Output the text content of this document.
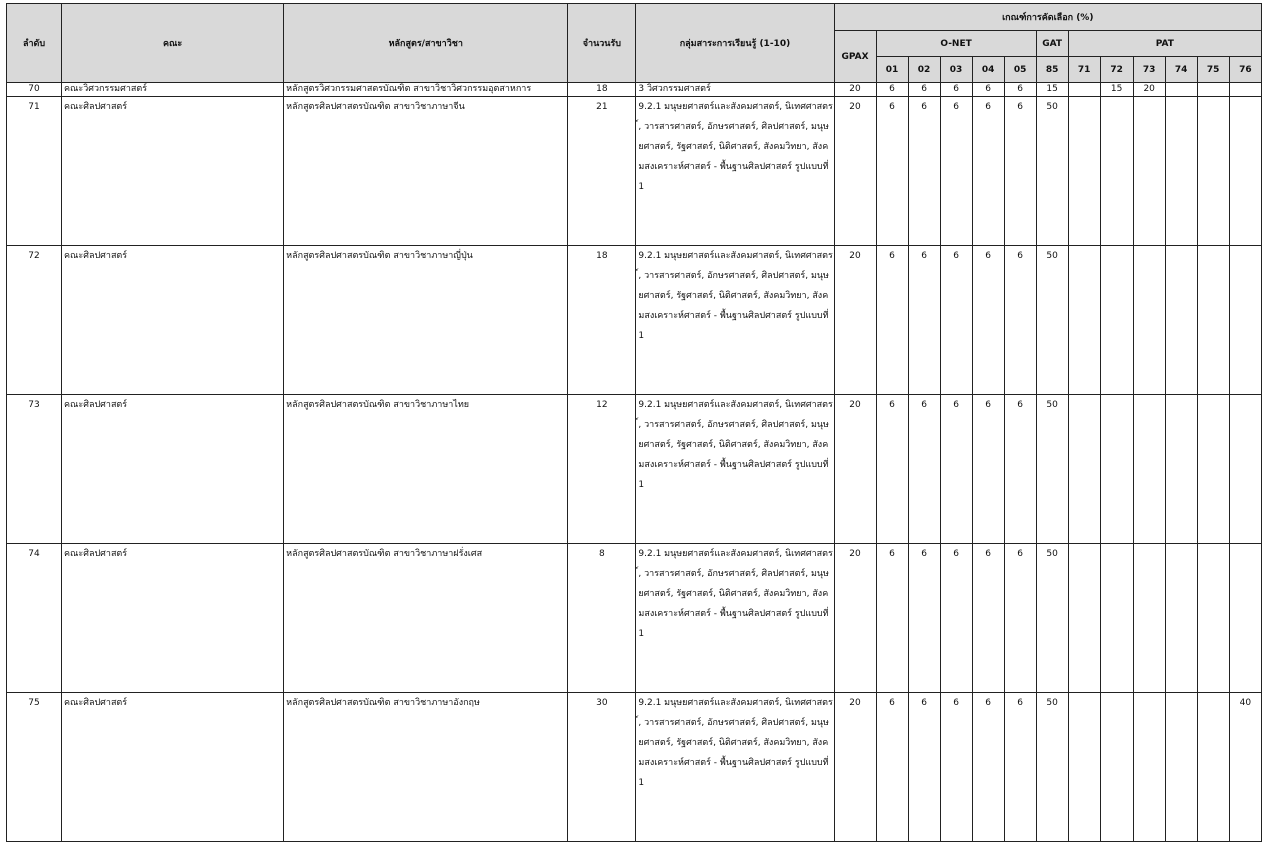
ลำดับ	คณะ	หลักสูตร/สาขาวิชา	จำนวนรับ	กลุ่มสาระการเรียนรู้ (1-10)	เกณฑ์การคัดเลือก (%)												
					GPAX	O-NET					GAT	PAT					
						01	02	03	04	05	85	71	72	73	74	75	76
70	คณะวิศวกรรมศาสตร์	หลักสูตรวิศวกรรมศาสตรบัณฑิต สาขาวิชาวิศวกรรมอุตสาหการ	18	3 วิศวกรรมศาสตร์	20	6	6	6	6	6	15		15	20			
71	คณะศิลปศาสตร์	หลักสูตรศิลปศาสตรบัณฑิต สาขาวิชาภาษาจีน	21	9.2.1 มนุษยศาสตร์และสังคมศาสตร์, นิเทศศาสตร์, วารสารศาสตร์, อักษรศาสตร์, ศิลปศาสตร์, มนุษยศาสตร์, รัฐศาสตร์, นิติศาสตร์, สังคมวิทยา, สังคมสงเคราะห์ศาสตร์ - พื้นฐานศิลปศาสตร์ รูปแบบที่ 1	20	6	6	6	6	6	50						
72	คณะศิลปศาสตร์	หลักสูตรศิลปศาสตรบัณฑิต สาขาวิชาภาษาญี่ปุ่น	18	9.2.1 มนุษยศาสตร์และสังคมศาสตร์, นิเทศศาสตร์, วารสารศาสตร์, อักษรศาสตร์, ศิลปศาสตร์, มนุษยศาสตร์, รัฐศาสตร์, นิติศาสตร์, สังคมวิทยา, สังคมสงเคราะห์ศาสตร์ - พื้นฐานศิลปศาสตร์ รูปแบบที่ 1	20	6	6	6	6	6	50						
73	คณะศิลปศาสตร์	หลักสูตรศิลปศาสตรบัณฑิต สาขาวิชาภาษาไทย	12	9.2.1 มนุษยศาสตร์และสังคมศาสตร์, นิเทศศาสตร์, วารสารศาสตร์, อักษรศาสตร์, ศิลปศาสตร์, มนุษยศาสตร์, รัฐศาสตร์, นิติศาสตร์, สังคมวิทยา, สังคมสงเคราะห์ศาสตร์ - พื้นฐานศิลปศาสตร์ รูปแบบที่ 1	20	6	6	6	6	6	50						
74	คณะศิลปศาสตร์	หลักสูตรศิลปศาสตรบัณฑิต สาขาวิชาภาษาฝรั่งเศส	8	9.2.1 มนุษยศาสตร์และสังคมศาสตร์, นิเทศศาสตร์, วารสารศาสตร์, อักษรศาสตร์, ศิลปศาสตร์, มนุษยศาสตร์, รัฐศาสตร์, นิติศาสตร์, สังคมวิทยา, สังคมสงเคราะห์ศาสตร์ - พื้นฐานศิลปศาสตร์ รูปแบบที่ 1	20	6	6	6	6	6	50						
75	คณะศิลปศาสตร์	หลักสูตรศิลปศาสตรบัณฑิต สาขาวิชาภาษาอังกฤษ	30	9.2.1 มนุษยศาสตร์และสังคมศาสตร์, นิเทศศาสตร์, วารสารศาสตร์, อักษรศาสตร์, ศิลปศาสตร์, มนุษยศาสตร์, รัฐศาสตร์, นิติศาสตร์, สังคมวิทยา, สังคมสงเคราะห์ศาสตร์ - พื้นฐานศิลปศาสตร์ รูปแบบที่ 1	20	6	6	6	6	6	50						40
